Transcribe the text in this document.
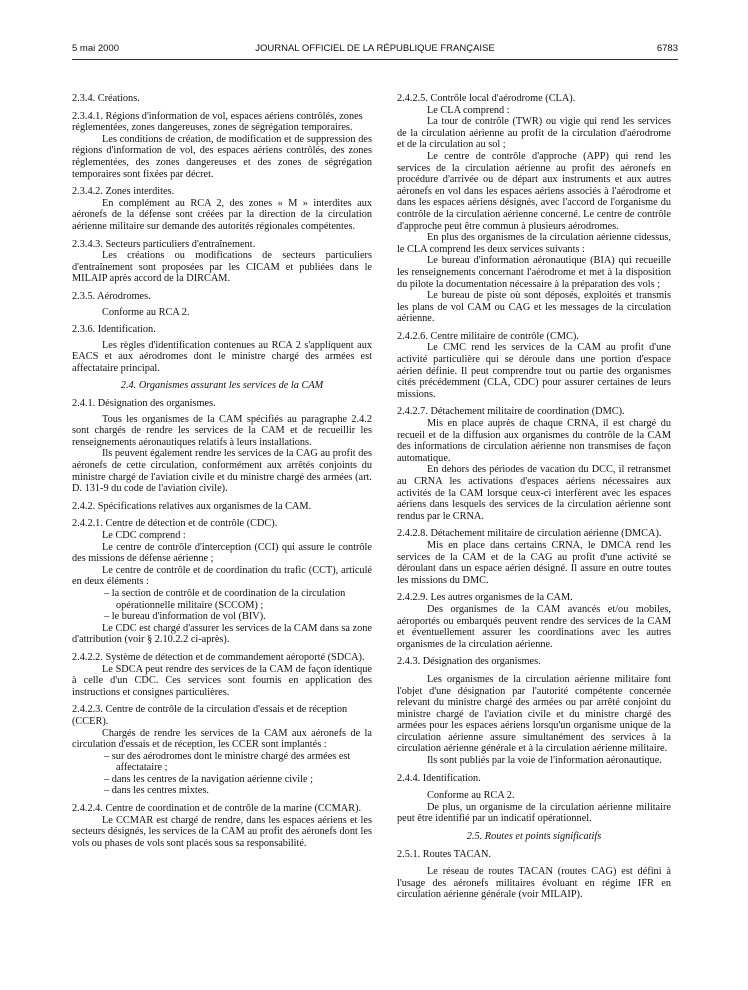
5 mai 2000	JOURNAL OFFICIEL DE LA RÉPUBLIQUE FRANÇAISE	6783

2.3.4. Créations.

2.3.4.1. Régions d'information de vol, espaces aériens contrôlés, zones réglementées, zones dangereuses, zones de ségrégation temporaires.

Les conditions de création, de modification et de suppression des régions d'information de vol, des espaces aériens contrôlés, des zones réglementées, des zones dangereuses et des zones de ségrégation temporaires sont fixées par décret.

2.3.4.2. Zones interdites.

En complément au RCA 2, des zones « M » interdites aux aéronefs de la défense sont créées par la direction de la circulation aérienne militaire sur demande des autorités régionales compétentes.

2.3.4.3. Secteurs particuliers d'entraînement.

Les créations ou modifications de secteurs particuliers d'entraînement sont proposées par les CICAM et publiées dans le MILAIP après accord de la DIRCAM.

2.3.5. Aérodromes.

Conforme au RCA 2.

2.3.6. Identification.

Les règles d'identification contenues au RCA 2 s'appliquent aux EACS et aux aérodromes dont le ministre chargé des armées est affectataire principal.

2.4. Organismes assurant les services de la CAM

2.4.1. Désignation des organismes.

Tous les organismes de la CAM spécifiés au paragraphe 2.4.2 sont chargés de rendre les services de la CAM et de recueillir les renseignements aéronautiques relatifs à leurs installations.

Ils peuvent également rendre les services de la CAG au profit des aéronefs de cette circulation, conformément aux arrêtés conjoints du ministre chargé de l'aviation civile et du ministre chargé des armées (art. D. 131-9 du code de l'aviation civile).

2.4.2. Spécifications relatives aux organismes de la CAM.

2.4.2.1. Centre de détection et de contrôle (CDC).

Le CDC comprend :

Le centre de contrôle d'interception (CCI) qui assure le contrôle des missions de défense aérienne ;

Le centre de contrôle et de coordination du trafic (CCT), articulé en deux éléments :

– la section de contrôle et de coordination de la circulation opérationnelle militaire (SCCOM) ;

– le bureau d'information de vol (BIV).

Le CDC est chargé d'assurer les services de la CAM dans sa zone d'attribution (voir § 2.10.2.2 ci-après).

2.4.2.2. Système de détection et de commandement aéroporté (SDCA).

Le SDCA peut rendre des services de la CAM de façon identique à celle d'un CDC. Ces services sont fournis en application des instructions et consignes particulières.

2.4.2.3. Centre de contrôle de la circulation d'essais et de réception (CCER).

Chargés de rendre les services de la CAM aux aéronefs de la circulation d'essais et de réception, les CCER sont implantés :

– sur des aérodromes dont le ministre chargé des armées est affectataire ;

– dans les centres de la navigation aérienne civile ;

– dans les centres mixtes.

2.4.2.4. Centre de coordination et de contrôle de la marine (CCMAR).

Le CCMAR est chargé de rendre, dans les espaces aériens et les secteurs désignés, les services de la CAM au profit des aéronefs dont les vols ou phases de vols sont placés sous sa responsabilité.

2.4.2.5. Contrôle local d'aérodrome (CLA).

Le CLA comprend :

La tour de contrôle (TWR) ou vigie qui rend les services de la circulation aérienne au profit de la circulation d'aérodrome et de la circulation au sol ;

Le centre de contrôle d'approche (APP) qui rend les services de la circulation aérienne au profit des aéronefs en procédure d'arrivée ou de départ aux instruments et aux autres aéronefs en vol dans les espaces aériens associés à l'aérodrome et dans les espaces aériens désignés, avec l'accord de l'organisme du contrôle de la circulation aérienne concerné. Le centre de contrôle d'approche peut être commun à plusieurs aérodromes.

En plus des organismes de la circulation aérienne cidessus, le CLA comprend les deux services suivants :

Le bureau d'information aéronautique (BIA) qui recueille les renseignements concernant l'aérodrome et met à la disposition du pilote la documentation nécessaire à la préparation des vols ;

Le bureau de piste où sont déposés, exploités et transmis les plans de vol CAM ou CAG et les messages de la circulation aérienne.

2.4.2.6. Centre militaire de contrôle (CMC).

Le CMC rend les services de la CAM au profit d'une activité particulière qui se déroule dans une portion d'espace aérien définie. Il peut comprendre tout ou partie des organismes cités précédemment (CLA, CDC) pour assurer certaines de leurs missions.

2.4.2.7. Détachement militaire de coordination (DMC).

Mis en place auprès de chaque CRNA, il est chargé du recueil et de la diffusion aux organismes du contrôle de la CAM des informations de circulation aérienne non transmises de façon automatique.

En dehors des périodes de vacation du DCC, il retransmet au CRNA les activations d'espaces aériens nécessaires aux activités de la CAM lorsque ceux-ci interfèrent avec les espaces aériens dans lesquels des services de la circulation aérienne sont rendus par le CRNA.

2.4.2.8. Détachement militaire de circulation aérienne (DMCA).

Mis en place dans certains CRNA, le DMCA rend les services de la CAM et de la CAG au profit d'une activité se déroulant dans un espace aérien désigné. Il assure en outre toutes les missions du DMC.

2.4.2.9. Les autres organismes de la CAM.

Des organismes de la CAM avancés et/ou mobiles, aéroportés ou embarqués peuvent rendre des services de la CAM et éventuellement assurer les coordinations avec les autres organismes de la circulation aérienne.

2.4.3. Désignation des organismes.

Les organismes de la circulation aérienne militaire font l'objet d'une désignation par l'autorité compétente concernée relevant du ministre chargé des armées ou par arrêté conjoint du ministre chargé de l'aviation civile et du ministre chargé des armées pour les espaces aériens lorsqu'un organisme unique de la circulation aérienne assure simultanément des services à la circulation aérienne générale et à la circulation aérienne militaire.

Ils sont publiés par la voie de l'information aéronautique.

2.4.4. Identification.

Conforme au RCA 2.

De plus, un organisme de la circulation aérienne militaire peut être identifié par un indicatif opérationnel.

2.5. Routes et points significatifs

2.5.1. Routes TACAN.

Le réseau de routes TACAN (routes CAG) est défini à l'usage des aéronefs militaires évoluant en régime IFR en circulation aérienne générale (voir MILAIP).
